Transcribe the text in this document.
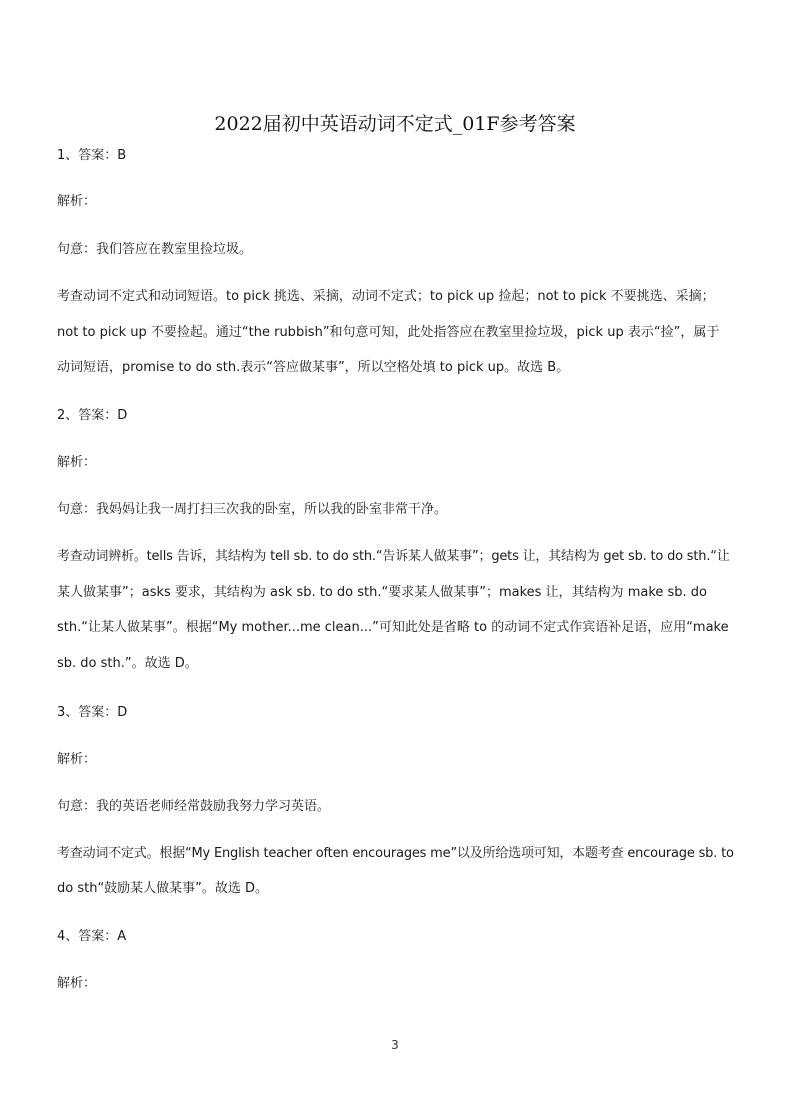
2022届初中英语动词不定式_01F参考答案
1、答案：B
解析：
句意：我们答应在教室里捡垃圾。
考查动词不定式和动词短语。to pick 挑选、采摘，动词不定式；to pick up 捡起；not to pick 不要挑选、采摘；
not to pick up 不要捡起。通过“the rubbish”和句意可知，此处指答应在教室里捡垃圾，pick up 表示“捡”，属于
动词短语，promise to do sth.表示“答应做某事”，所以空格处填 to pick up。故选 B。
2、答案：D
解析：
句意：我妈妈让我一周打扫三次我的卧室，所以我的卧室非常干净。
考查动词辨析。tells 告诉，其结构为 tell sb. to do sth.“告诉某人做某事”；gets 让，其结构为 get sb. to do sth.“让
某人做某事”；asks 要求，其结构为 ask sb. to do sth.“要求某人做某事”；makes 让，其结构为 make sb. do
sth.“让某人做某事”。根据“My mother...me clean...”可知此处是省略 to 的动词不定式作宾语补足语，应用“make
sb. do sth.”。故选 D。
3、答案：D
解析：
句意：我的英语老师经常鼓励我努力学习英语。
考查动词不定式。根据“My English teacher often encourages me”以及所给选项可知，本题考查 encourage sb. to
do sth“鼓励某人做某事”。故选 D。
4、答案：A
解析：
3
